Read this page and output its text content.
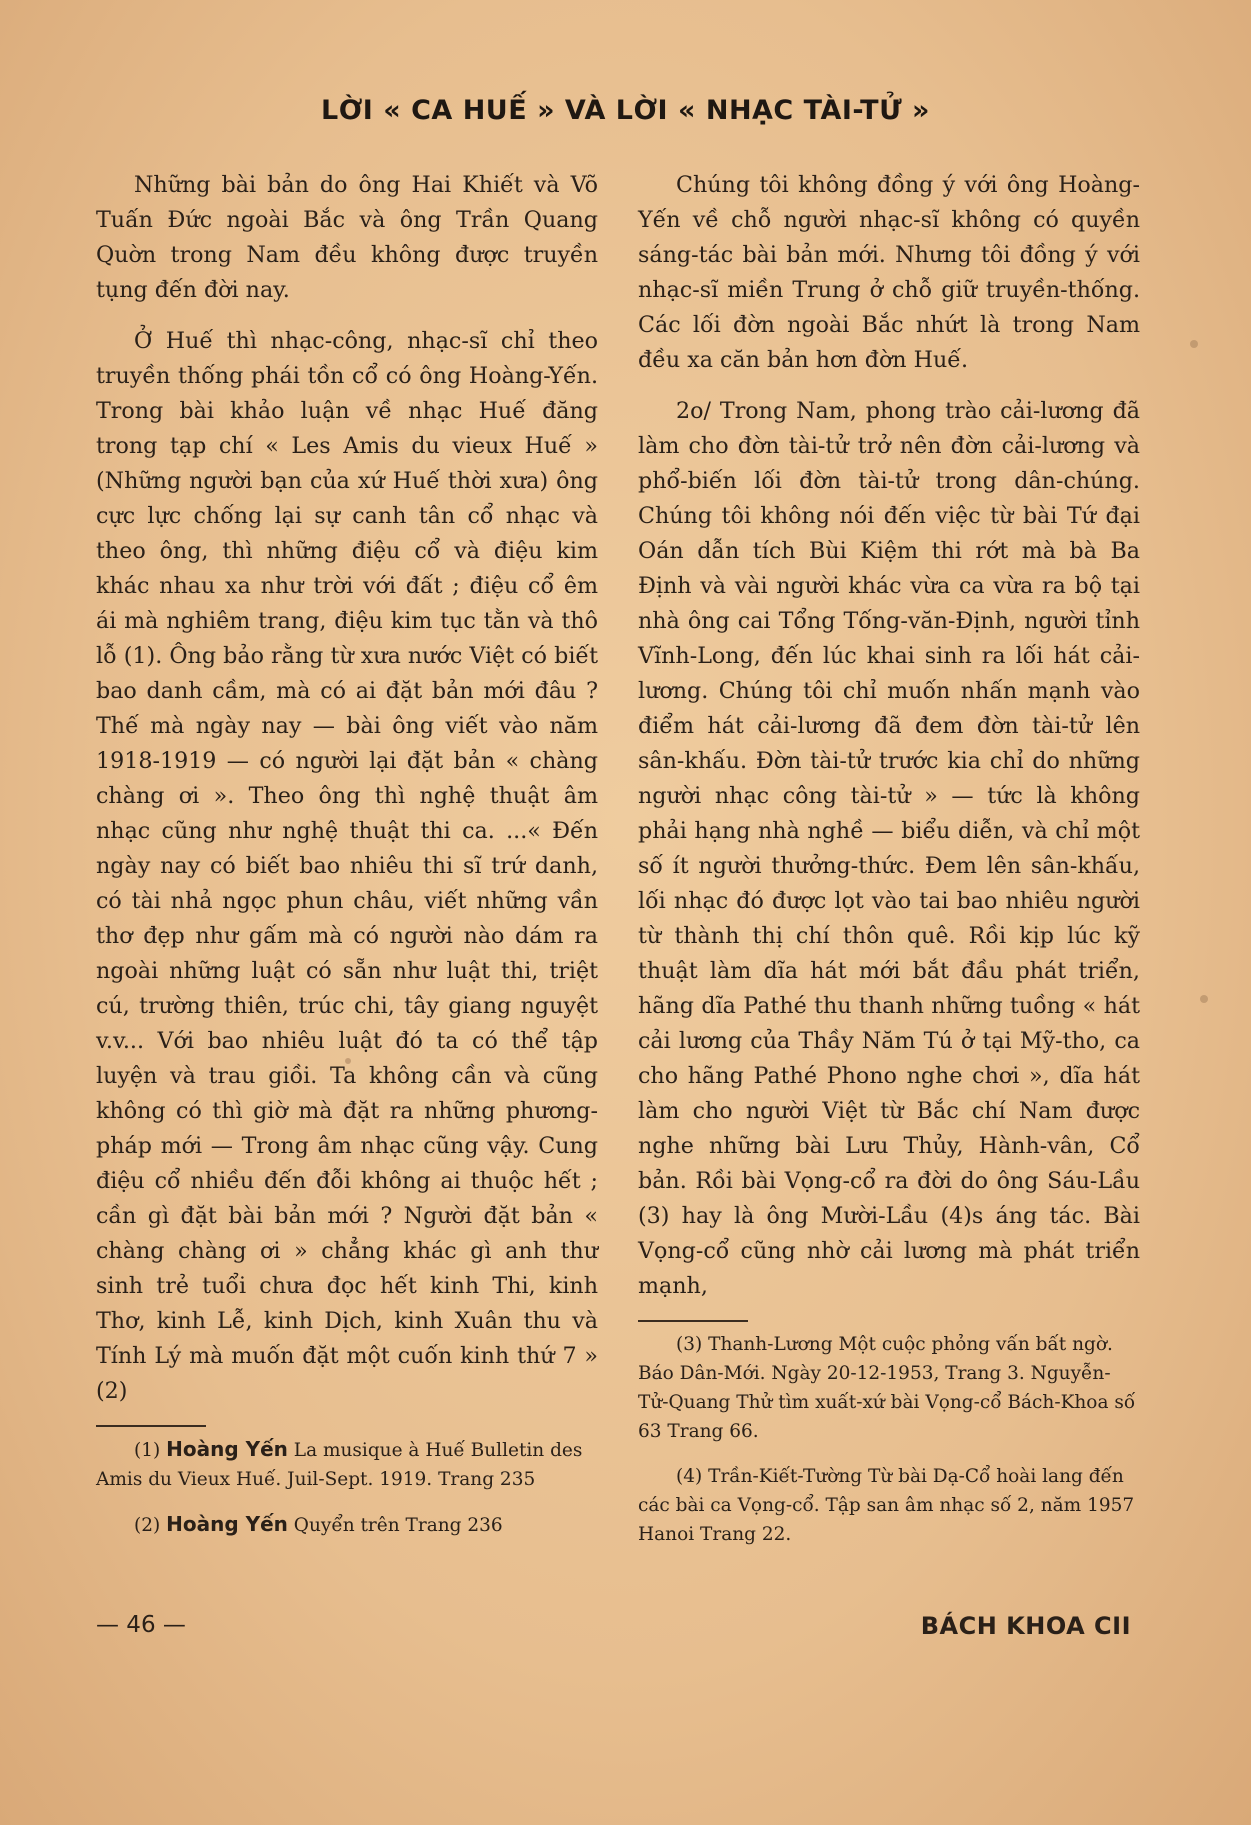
LỜI « CA HUẾ » VÀ LỜI « NHẠC TÀI-TỬ »

Những bài bản do ông Hai Khiết và Võ Tuấn Đức ngoài Bắc và ông Trần Quang Quờn trong Nam đều không được truyền tụng đến đời nay.

Ở Huế thì nhạc-công, nhạc-sĩ chỉ theo truyền thống phái tồn cổ có ông Hoàng-Yến. Trong bài khảo luận về nhạc Huế đăng trong tạp chí « Les Amis du vieux Huế » (Những người bạn của xứ Huế thời xưa) ông cực lực chống lại sự canh tân cổ nhạc và theo ông, thì những điệu cổ và điệu kim khác nhau xa như trời với đất ; điệu cổ êm ái mà nghiêm trang, điệu kim tục tằn và thô lỗ (1). Ông bảo rằng từ xưa nước Việt có biết bao danh cầm, mà có ai đặt bản mới đâu ? Thế mà ngày nay — bài ông viết vào năm 1918-1919 — có người lại đặt bản « chàng chàng ơi ». Theo ông thì nghệ thuật âm nhạc cũng như nghệ thuật thi ca. ...« Đến ngày nay có biết bao nhiêu thi sĩ trứ danh, có tài nhả ngọc phun châu, viết những vần thơ đẹp như gấm mà có người nào dám ra ngoài những luật có sẵn như luật thi, triệt cú, trường thiên, trúc chi, tây giang nguyệt v.v... Với bao nhiêu luật đó ta có thể tập luyện và trau giồi. Ta không cần và cũng không có thì giờ mà đặt ra những phương-pháp mới — Trong âm nhạc cũng vậy. Cung điệu cổ nhiều đến đỗi không ai thuộc hết ; cần gì đặt bài bản mới ? Người đặt bản « chàng chàng ơi » chẳng khác gì anh thư sinh trẻ tuổi chưa đọc hết kinh Thi, kinh Thơ, kinh Lễ, kinh Dịch, kinh Xuân thu và Tính Lý mà muốn đặt một cuốn kinh thứ 7 » (2)

(1) Hoàng Yến La musique à Huế Bulletin des Amis du Vieux Huế. Juil-Sept. 1919. Trang 235

(2) Hoàng Yến Quyển trên Trang 236

Chúng tôi không đồng ý với ông Hoàng-Yến về chỗ người nhạc-sĩ không có quyền sáng-tác bài bản mới. Nhưng tôi đồng ý với nhạc-sĩ miền Trung ở chỗ giữ truyền-thống. Các lối đờn ngoài Bắc nhứt là trong Nam đều xa căn bản hơn đờn Huế.

2o/ Trong Nam, phong trào cải-lương đã làm cho đờn tài-tử trở nên đờn cải-lương và phổ-biến lối đờn tài-tử trong dân-chúng. Chúng tôi không nói đến việc từ bài Tứ đại Oán dẫn tích Bùi Kiệm thi rớt mà bà Ba Định và vài người khác vừa ca vừa ra bộ tại nhà ông cai Tổng Tống-văn-Định, người tỉnh Vĩnh-Long, đến lúc khai sinh ra lối hát cải-lương. Chúng tôi chỉ muốn nhấn mạnh vào điểm hát cải-lương đã đem đờn tài-tử lên sân-khấu. Đờn tài-tử trước kia chỉ do những người nhạc công tài-tử » — tức là không phải hạng nhà nghề — biểu diễn, và chỉ một số ít người thưởng-thức. Đem lên sân-khấu, lối nhạc đó được lọt vào tai bao nhiêu người từ thành thị chí thôn quê. Rồi kịp lúc kỹ thuật làm dĩa hát mới bắt đầu phát triển, hãng dĩa Pathé thu thanh những tuồng « hát cải lương của Thầy Năm Tú ở tại Mỹ-tho, ca cho hãng Pathé Phono nghe chơi », dĩa hát làm cho người Việt từ Bắc chí Nam được nghe những bài Lưu Thủy, Hành-vân, Cổ bản. Rồi bài Vọng-cổ ra đời do ông Sáu-Lầu (3) hay là ông Mười-Lầu (4)s áng tác. Bài Vọng-cổ cũng nhờ cải lương mà phát triển mạnh,

(3) Thanh-Lương Một cuộc phỏng vấn bất ngờ. Báo Dân-Mới. Ngày 20-12-1953, Trang 3. Nguyễn-Tử-Quang Thử tìm xuất-xứ bài Vọng-cổ Bách-Khoa số 63 Trang 66.

(4) Trần-Kiết-Tường Từ bài Dạ-Cổ hoài lang đến các bài ca Vọng-cổ. Tập san âm nhạc số 2, năm 1957 Hanoi Trang 22.

— 46 —	BÁCH KHOA CII
